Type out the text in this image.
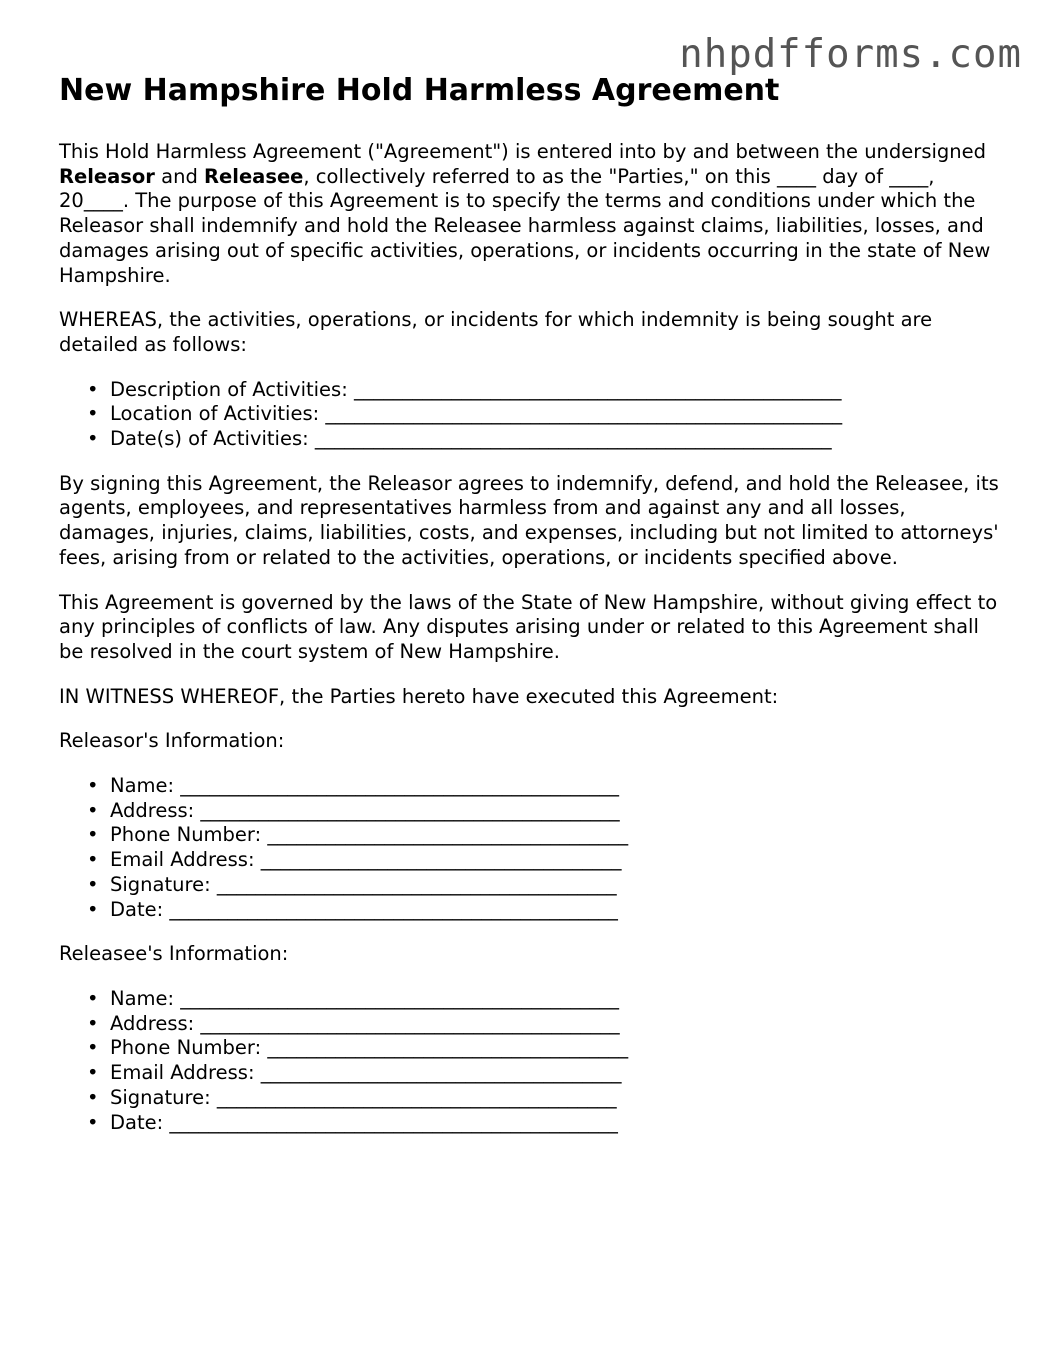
nhpdfforms.com
New Hampshire Hold Harmless Agreement

This Hold Harmless Agreement ("Agreement") is entered into by and between the undersigned Releasor and Releasee, collectively referred to as the "Parties," on this ____ day of ____, 20____. The purpose of this Agreement is to specify the terms and conditions under which the Releasor shall indemnify and hold the Releasee harmless against claims, liabilities, losses, and damages arising out of specific activities, operations, or incidents occurring in the state of New Hampshire.

WHEREAS, the activities, operations, or incidents for which indemnity is being sought are detailed as follows:

• Description of Activities: __________________________________________________
• Location of Activities: _____________________________________________________
• Date(s) of Activities: _____________________________________________________

By signing this Agreement, the Releasor agrees to indemnify, defend, and hold the Releasee, its agents, employees, and representatives harmless from and against any and all losses, damages, injuries, claims, liabilities, costs, and expenses, including but not limited to attorneys' fees, arising from or related to the activities, operations, or incidents specified above.

This Agreement is governed by the laws of the State of New Hampshire, without giving effect to any principles of conflicts of law. Any disputes arising under or related to this Agreement shall be resolved in the court system of New Hampshire.

IN WITNESS WHEREOF, the Parties hereto have executed this Agreement:

Releasor's Information:

• Name: _____________________________________________
• Address: ___________________________________________
• Phone Number: _____________________________________
• Email Address: _____________________________________
• Signature: _________________________________________
• Date: ______________________________________________

Releasee's Information:

• Name: _____________________________________________
• Address: ___________________________________________
• Phone Number: _____________________________________
• Email Address: _____________________________________
• Signature: _________________________________________
• Date: ______________________________________________
